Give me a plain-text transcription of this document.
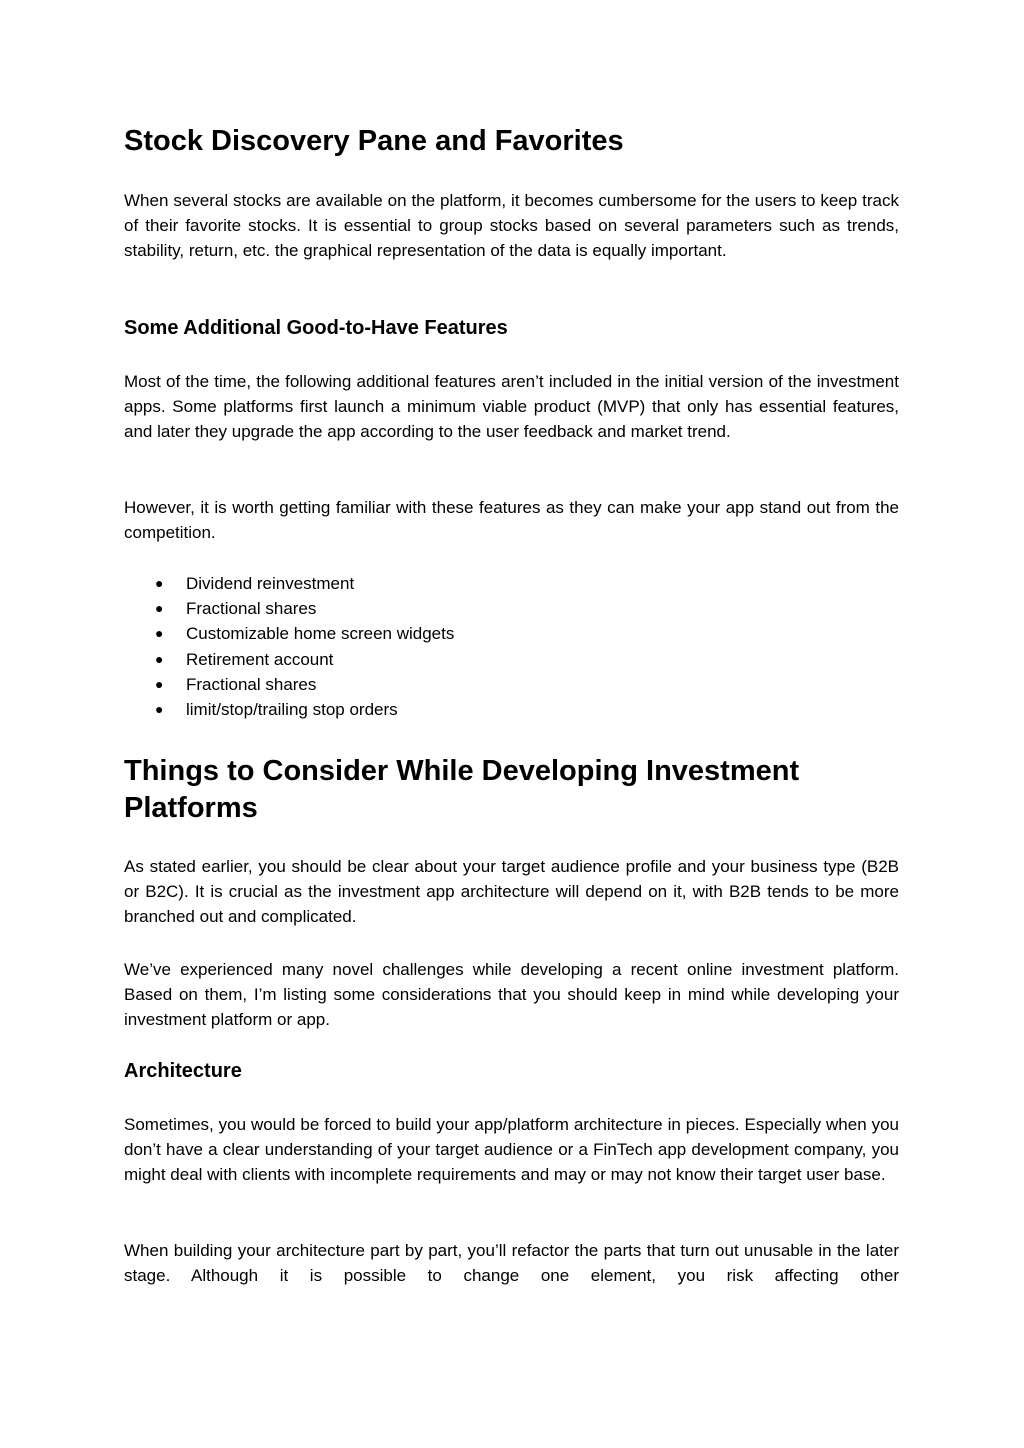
Stock Discovery Pane and Favorites

When several stocks are available on the platform, it becomes cumbersome for the users to keep track of their favorite stocks. It is essential to group stocks based on several parameters such as trends, stability, return, etc. the graphical representation of the data is equally important.

Some Additional Good-to-Have Features

Most of the time, the following additional features aren’t included in the initial version of the investment apps. Some platforms first launch a minimum viable product (MVP) that only has essential features, and later they upgrade the app according to the user feedback and market trend.

However, it is worth getting familiar with these features as they can make your app stand out from the competition.

● Dividend reinvestment
● Fractional shares
● Customizable home screen widgets
● Retirement account
● Fractional shares
● limit/stop/trailing stop orders
Things to Consider While Developing Investment Platforms

As stated earlier, you should be clear about your target audience profile and your business type (B2B or B2C). It is crucial as the investment app architecture will depend on it, with B2B tends to be more branched out and complicated.

We’ve experienced many novel challenges while developing a recent online investment platform. Based on them, I’m listing some considerations that you should keep in mind while developing your investment platform or app.

Architecture

Sometimes, you would be forced to build your app/platform architecture in pieces. Especially when you don’t have a clear understanding of your target audience or a FinTech app development company, you might deal with clients with incomplete requirements and may or may not know their target user base.

When building your architecture part by part, you’ll refactor the parts that turn out unusable in the later stage. Although it is possible to change one element, you risk affecting other
